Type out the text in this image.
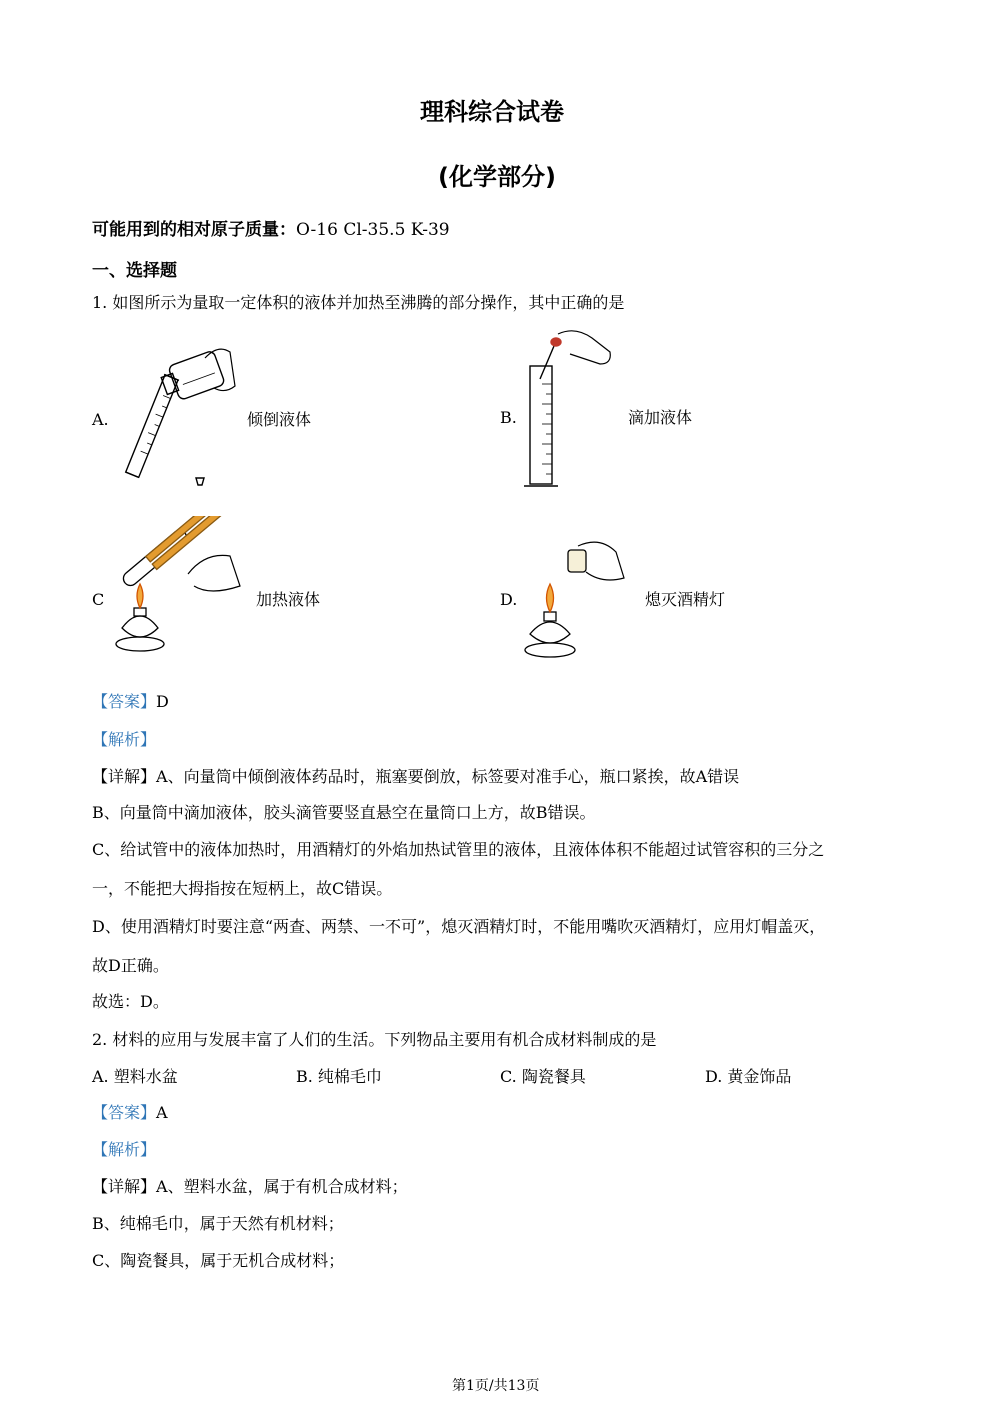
理科综合试卷
(化学部分)
可能用到的相对原子质量：O-16 Cl-35.5 K-39
一、选择题
1. 如图所示为量取一定体积的液体并加热至沸腾的部分操作，其中正确的是
A.	倾倒液体	B.	滴加液体
C	加热液体	D.	熄灭酒精灯
【答案】D
【解析】
【详解】A、向量筒中倾倒液体药品时，瓶塞要倒放，标签要对准手心，瓶口紧挨，故A错误
B、向量筒中滴加液体，胶头滴管要竖直悬空在量筒口上方，故B错误。
C、给试管中的液体加热时，用酒精灯的外焰加热试管里的液体，且液体体积不能超过试管容积的三分之
一，不能把大拇指按在短柄上，故C错误。
D、使用酒精灯时要注意“两查、两禁、一不可”，熄灭酒精灯时，不能用嘴吹灭酒精灯，应用灯帽盖灭，
故D正确。
故选：D。
2. 材料的应用与发展丰富了人们的生活。下列物品主要用有机合成材料制成的是
A. 塑料水盆	B. 纯棉毛巾	C. 陶瓷餐具	D. 黄金饰品
【答案】A
【解析】
【详解】A、塑料水盆，属于有机合成材料；
B、纯棉毛巾，属于天然有机材料；
C、陶瓷餐具，属于无机合成材料；
第1页/共13页
